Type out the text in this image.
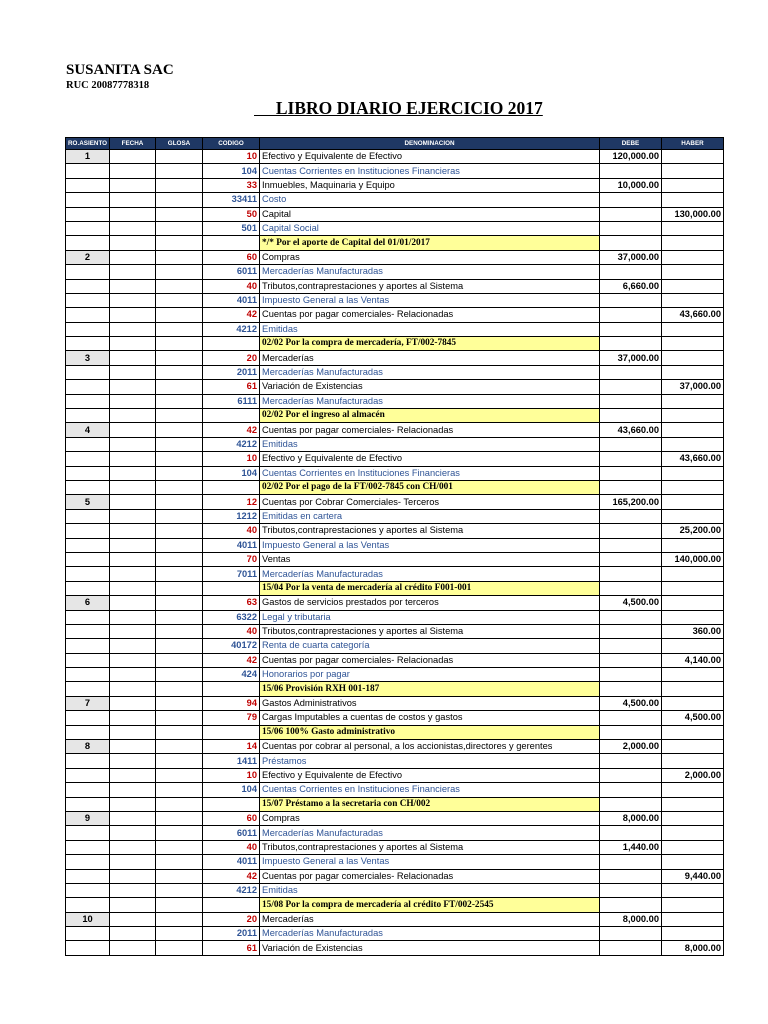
SUSANITA SAC
RUC 20087778318
LIBRO DIARIO EJERCICIO 2017
RO.ASIENTO	FECHA	GLOSA	CODIGO	DENOMINACION	DEBE	HABER
1			10	Efectivo y Equivalente de Efectivo	120,000.00	
			104	Cuentas Corrientes en Instituciones Financieras		
			33	Inmuebles, Maquinaria y Equipo	10,000.00	
			33411	Costo		
			50	Capital		130,000.00
			501	Capital Social		
				*/* Por el aporte de Capital del 01/01/2017		
2			60	Compras	37,000.00	
			6011	Mercaderías Manufacturadas		
			40	Tributos,contraprestaciones y aportes al Sistema	6,660.00	
			4011	Impuesto General a las Ventas		
			42	Cuentas por pagar comerciales- Relacionadas		43,660.00
			4212	Emitidas		
				02/02 Por la compra de mercadería, FT/002-7845		
3			20	Mercaderías	37,000.00	
			2011	Mercaderías Manufacturadas		
			61	Variación de Existencias		37,000.00
			6111	Mercaderías Manufacturadas		
				02/02 Por el ingreso al almacén		
4			42	Cuentas por pagar comerciales- Relacionadas	43,660.00	
			4212	Emitidas		
			10	Efectivo y Equivalente de Efectivo		43,660.00
			104	Cuentas Corrientes en Instituciones Financieras		
				02/02 Por el pago de la FT/002-7845 con CH/001		
5			12	Cuentas por Cobrar Comerciales- Terceros	165,200.00	
			1212	Emitidas en cartera		
			40	Tributos,contraprestaciones y aportes al Sistema		25,200.00
			4011	Impuesto General a las Ventas		
			70	Ventas		140,000.00
			7011	Mercaderías Manufacturadas		
				15/04 Por la venta de mercadería al crédito F001-001		
6			63	Gastos de servicios prestados por terceros	4,500.00	
			6322	Legal y tributaria		
			40	Tributos,contraprestaciones y aportes al Sistema		360.00
			40172	Renta de cuarta categoría		
			42	Cuentas por pagar comerciales- Relacionadas		4,140.00
			424	Honorarios por pagar		
				15/06 Provisión RXH 001-187		
7			94	Gastos Administrativos	4,500.00	
			79	Cargas Imputables a cuentas de costos y gastos		4,500.00
				15/06 100% Gasto administrativo		
8			14	Cuentas por cobrar al personal, a los accionistas,directores y gerentes	2,000.00	
			1411	Préstamos		
			10	Efectivo y Equivalente de Efectivo		2,000.00
			104	Cuentas Corrientes en Instituciones Financieras		
				15/07 Préstamo a la secretaria con CH/002		
9			60	Compras	8,000.00	
			6011	Mercaderías Manufacturadas		
			40	Tributos,contraprestaciones y aportes al Sistema	1,440.00	
			4011	Impuesto General a las Ventas		
			42	Cuentas por pagar comerciales- Relacionadas		9,440.00
			4212	Emitidas		
				15/08 Por la compra de mercadería al crédito FT/002-2545		
10			20	Mercaderías	8,000.00	
			2011	Mercaderías Manufacturadas		
			61	Variación de Existencias		8,000.00
